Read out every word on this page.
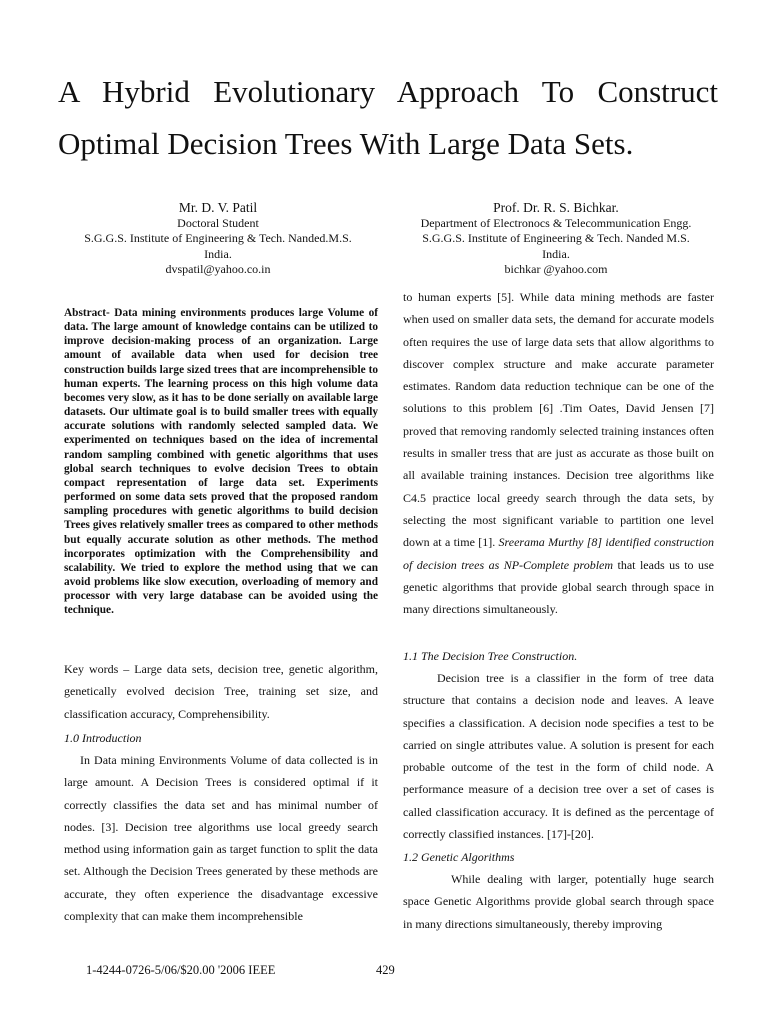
A Hybrid Evolutionary Approach To Construct
Optimal Decision Trees With Large Data Sets.
Mr. D. V. Patil
Doctoral Student
S.G.G.S. Institute of Engineering & Tech. Nanded.M.S.
India.
dvspatil@yahoo.co.in
Prof. Dr. R. S. Bichkar.
Department of Electronocs & Telecommunication Engg.
S.G.G.S. Institute of Engineering & Tech. Nanded M.S.
India.
bichkar @yahoo.com

Abstract- Data mining environments produces large Volume of data. The large amount of knowledge contains can be utilized to improve decision-making process of an organization. Large amount of available data when used for decision tree construction builds large sized trees that are incomprehensible to human experts. The learning process on this high volume data becomes very slow, as it has to be done serially on available large datasets. Our ultimate goal is to build smaller trees with equally accurate solutions with randomly selected sampled data. We experimented on techniques based on the idea of incremental random sampling combined with genetic algorithms that uses global search techniques to evolve decision Trees to obtain compact representation of large data set. Experiments performed on some data sets proved that the proposed random sampling procedures with genetic algorithms to build decision Trees gives relatively smaller trees as compared to other methods but equally accurate solution as other methods. The method incorporates optimization with the Comprehensibility and scalability. We tried to explore the method using that we can avoid problems like slow execution, overloading of memory and processor with very large database can be avoided using the technique.

Key words – Large data sets, decision tree, genetic algorithm, genetically evolved decision Tree, training set size, and classification accuracy, Comprehensibility.

1.0 Introduction

In Data mining Environments Volume of data collected is in large amount. A Decision Trees is considered optimal if it correctly classifies the data set and has minimal number of nodes. [3]. Decision tree algorithms use local greedy search method using information gain as target function to split the data set. Although the Decision Trees generated by these methods are accurate, they often experience the disadvantage excessive complexity that can make them incomprehensible

to human experts [5]. While data mining methods are faster when used on smaller data sets, the demand for accurate models often requires the use of large data sets that allow algorithms to discover complex structure and make accurate parameter estimates. Random data reduction technique can be one of the solutions to this problem [6] .Tim Oates, David Jensen [7] proved that removing randomly selected training instances often results in smaller tress that are just as accurate as those built on all available training instances. Decision tree algorithms like C4.5 practice local greedy search through the data sets, by selecting the most significant variable to partition one level down at a time [1]. Sreerama Murthy [8] identified construction of decision trees as NP-Complete problem that leads us to use genetic algorithms that provide global search through space in many directions simultaneously.

1.1 The Decision Tree Construction.

Decision tree is a classifier in the form of tree data structure that contains a decision node and leaves. A leave specifies a classification. A decision node specifies a test to be carried on single attributes value. A solution is present for each probable outcome of the test in the form of child node. A performance measure of a decision tree over a set of cases is called classification accuracy. It is defined as the percentage of correctly classified instances. [17]-[20].

1.2 Genetic Algorithms

While dealing with larger, potentially huge search space Genetic Algorithms provide global search through space in many directions simultaneously, thereby improving

1-4244-0726-5/06/$20.00 '2006 IEEE	429
